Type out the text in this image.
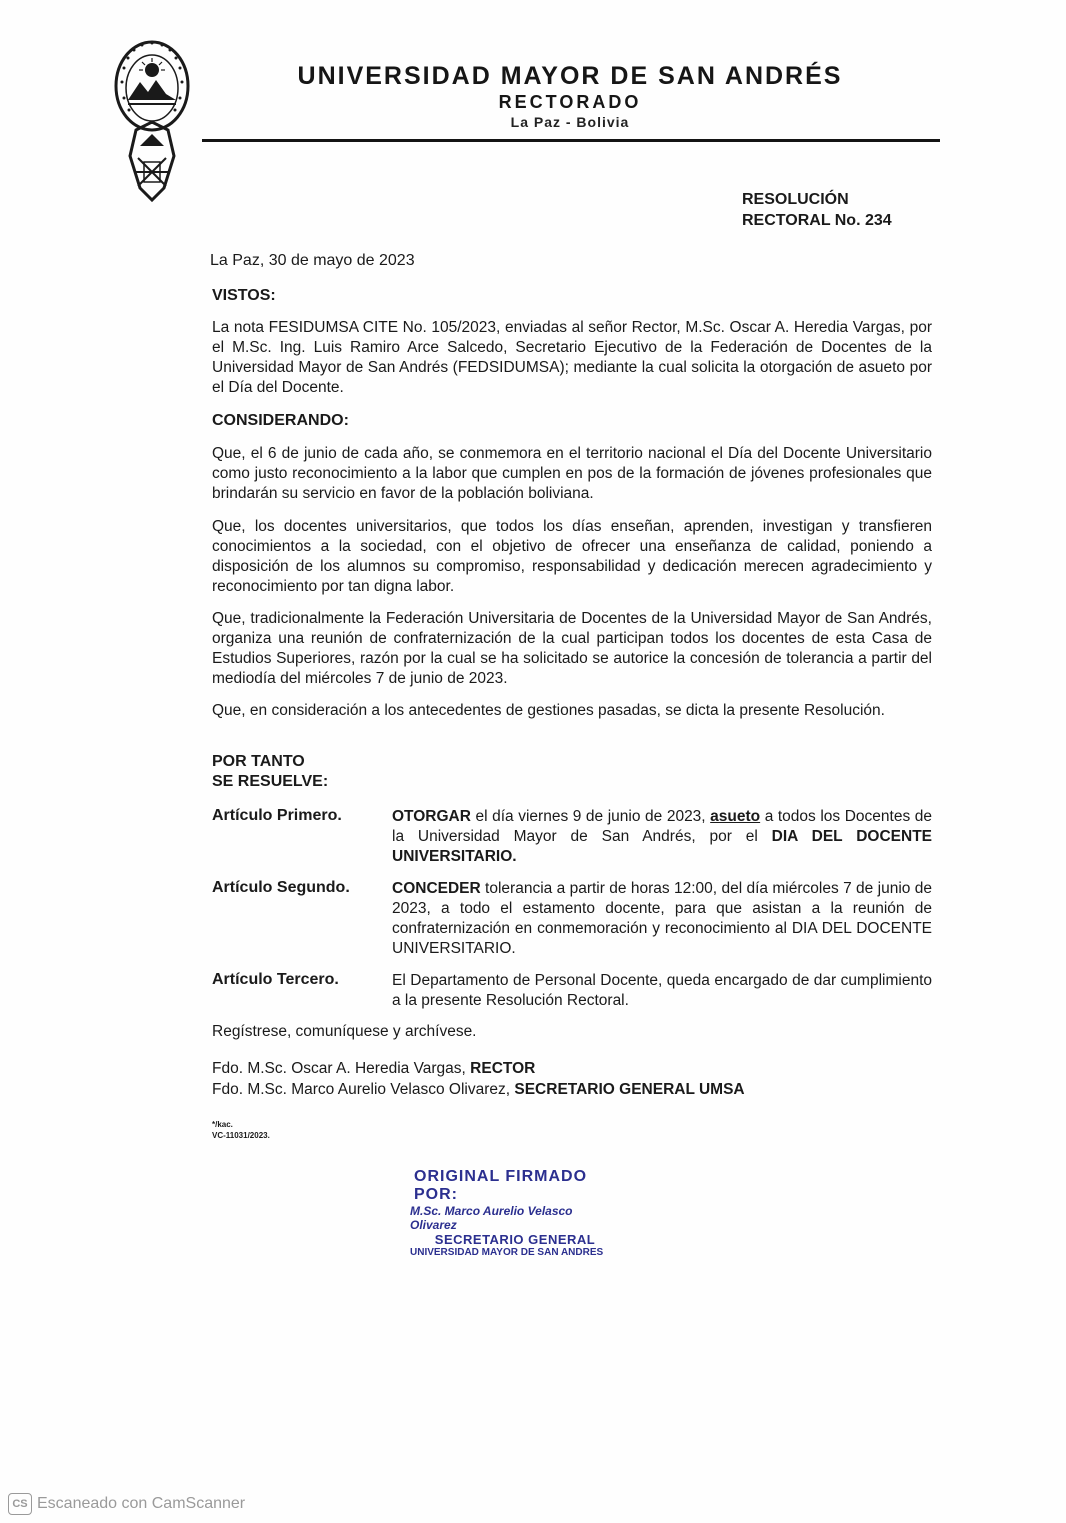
UNIVERSIDAD MAYOR DE SAN ANDRÉS
RECTORADO
La Paz - Bolivia
RESOLUCIÓN
RECTORAL No. 234
La Paz, 30 de mayo de 2023
VISTOS:
La nota FESIDUMSA CITE No. 105/2023, enviadas al señor Rector, M.Sc. Oscar A. Heredia Vargas, por el M.Sc. Ing. Luis Ramiro Arce Salcedo, Secretario Ejecutivo de la Federación de Docentes de la Universidad Mayor de San Andrés (FEDSIDUMSA); mediante la cual solicita la otorgación de asueto por el Día del Docente.
CONSIDERANDO:
Que, el 6 de junio de cada año, se conmemora en el territorio nacional el Día del Docente Universitario como justo reconocimiento a la labor que cumplen en pos de la formación de jóvenes profesionales que brindarán su servicio en favor de la población boliviana.
Que, los docentes universitarios, que todos los días enseñan, aprenden, investigan y transfieren conocimientos a la sociedad, con el objetivo de ofrecer una enseñanza de calidad, poniendo a disposición de los alumnos su compromiso, responsabilidad y dedicación merecen agradecimiento y reconocimiento por tan digna labor.
Que, tradicionalmente la Federación Universitaria de Docentes de la Universidad Mayor de San Andrés, organiza una reunión de confraternización de la cual participan todos los docentes de esta Casa de Estudios Superiores, razón por la cual se ha solicitado se autorice la concesión de tolerancia a partir del mediodía del miércoles 7 de junio de 2023.
Que, en consideración a los antecedentes de gestiones pasadas, se dicta la presente Resolución.
POR TANTO
SE RESUELVE:
Artículo Primero.	OTORGAR el día viernes 9 de junio de 2023, asueto a todos los Docentes de la Universidad Mayor de San Andrés, por el DIA DEL DOCENTE UNIVERSITARIO.
Artículo Segundo.	CONCEDER tolerancia a partir de horas 12:00, del día miércoles 7 de junio de 2023, a todo el estamento docente, para que asistan a la reunión de confraternización en conmemoración y reconocimiento al DIA DEL DOCENTE UNIVERSITARIO.
Artículo Tercero.	El Departamento de Personal Docente, queda encargado de dar cumplimiento a la presente Resolución Rectoral.
Regístrese, comuníquese y archívese.
Fdo. M.Sc. Oscar A. Heredia Vargas, RECTOR
Fdo. M.Sc. Marco Aurelio Velasco Olivarez, SECRETARIO GENERAL UMSA
*/kac.
VC-11031/2023.
ORIGINAL FIRMADO POR:
M.Sc. Marco Aurelio Velasco Olivarez
SECRETARIO GENERAL
UNIVERSIDAD MAYOR DE SAN ANDRES
CS Escaneado con CamScanner
